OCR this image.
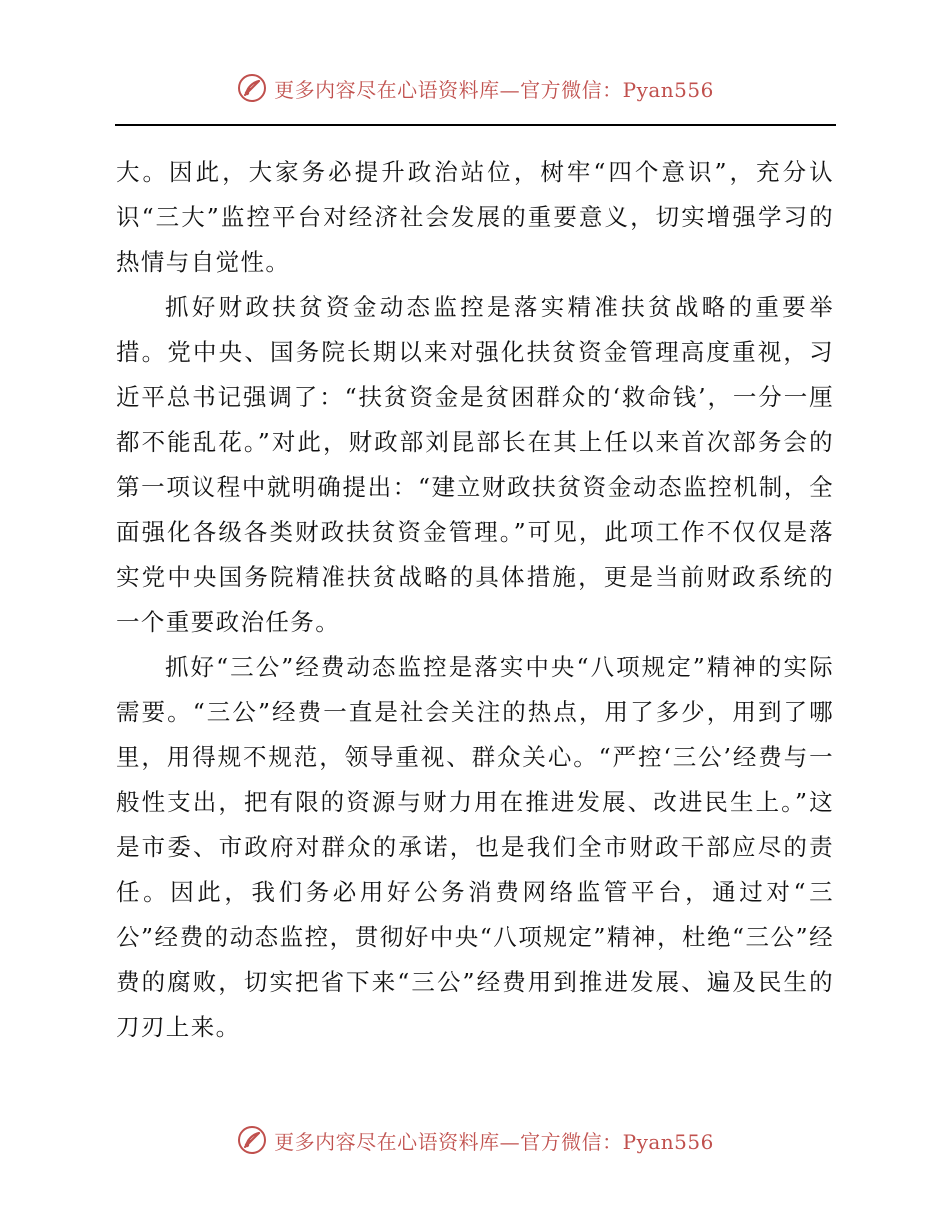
更多内容尽在心语资料库—官方微信：Pyan556

大。因此，大家务必提升政治站位，树牢“四个意识”，充分认识“三大”监控平台对经济社会发展的重要意义，切实增强学习的热情与自觉性。

抓好财政扶贫资金动态监控是落实精准扶贫战略的重要举措。党中央、国务院长期以来对强化扶贫资金管理高度重视，习近平总书记强调了：“扶贫资金是贫困群众的‘救命钱’，一分一厘都不能乱花。”对此，财政部刘昆部长在其上任以来首次部务会的第一项议程中就明确提出：“建立财政扶贫资金动态监控机制，全面强化各级各类财政扶贫资金管理。”可见，此项工作不仅仅是落实党中央国务院精准扶贫战略的具体措施，更是当前财政系统的一个重要政治任务。

抓好“三公”经费动态监控是落实中央“八项规定”精神的实际需要。“三公”经费一直是社会关注的热点，用了多少，用到了哪里，用得规不规范，领导重视、群众关心。“严控‘三公’经费与一般性支出，把有限的资源与财力用在推进发展、改进民生上。”这是市委、市政府对群众的承诺，也是我们全市财政干部应尽的责任。因此，我们务必用好公务消费网络监管平台，通过对“三公”经费的动态监控，贯彻好中央“八项规定”精神，杜绝“三公”经费的腐败，切实把省下来“三公”经费用到推进发展、遍及民生的刀刃上来。

更多内容尽在心语资料库—官方微信：Pyan556
